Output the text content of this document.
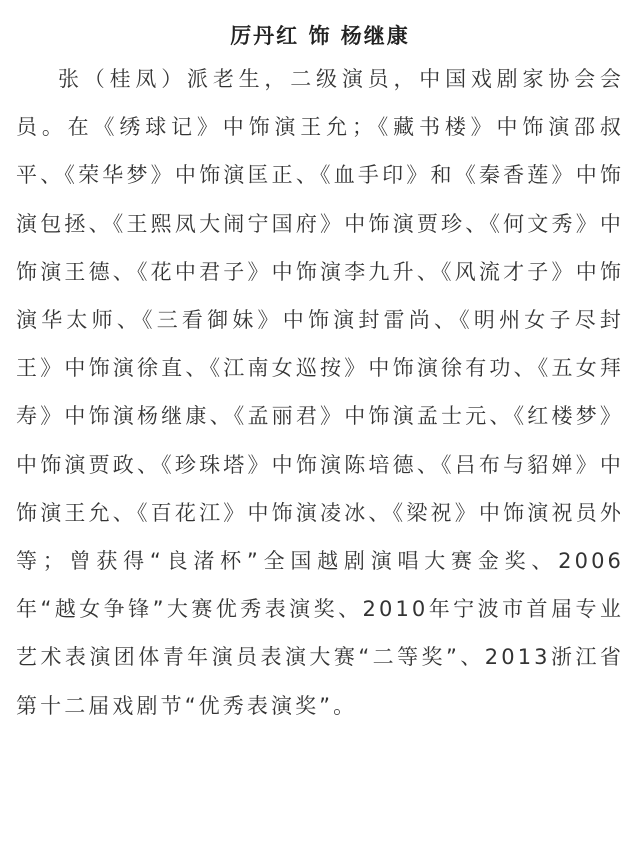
厉丹红 饰 杨继康

张（桂凤）派老生，二级演员，中国戏剧家协会会员。在《绣球记》中饰演王允；《藏书楼》中饰演邵叔平、《荣华梦》中饰演匡正、《血手印》和《秦香莲》中饰演包拯、《王熙凤大闹宁国府》中饰演贾珍、《何文秀》中饰演王德、《花中君子》中饰演李九升、《风流才子》中饰演华太师、《三看御妹》中饰演封雷尚、《明州女子尽封王》中饰演徐直、《江南女巡按》中饰演徐有功、《五女拜寿》中饰演杨继康、《孟丽君》中饰演孟士元、《红楼梦》中饰演贾政、《珍珠塔》中饰演陈培德、《吕布与貂婵》中饰演王允、《百花江》中饰演凌冰、《梁祝》中饰演祝员外等；曾获得“良渚杯”全国越剧演唱大赛金奖、2006年“越女争锋”大赛优秀表演奖、2010年宁波市首届专业艺术表演团体青年演员表演大赛“二等奖”、2013浙江省第十二届戏剧节“优秀表演奖”。
